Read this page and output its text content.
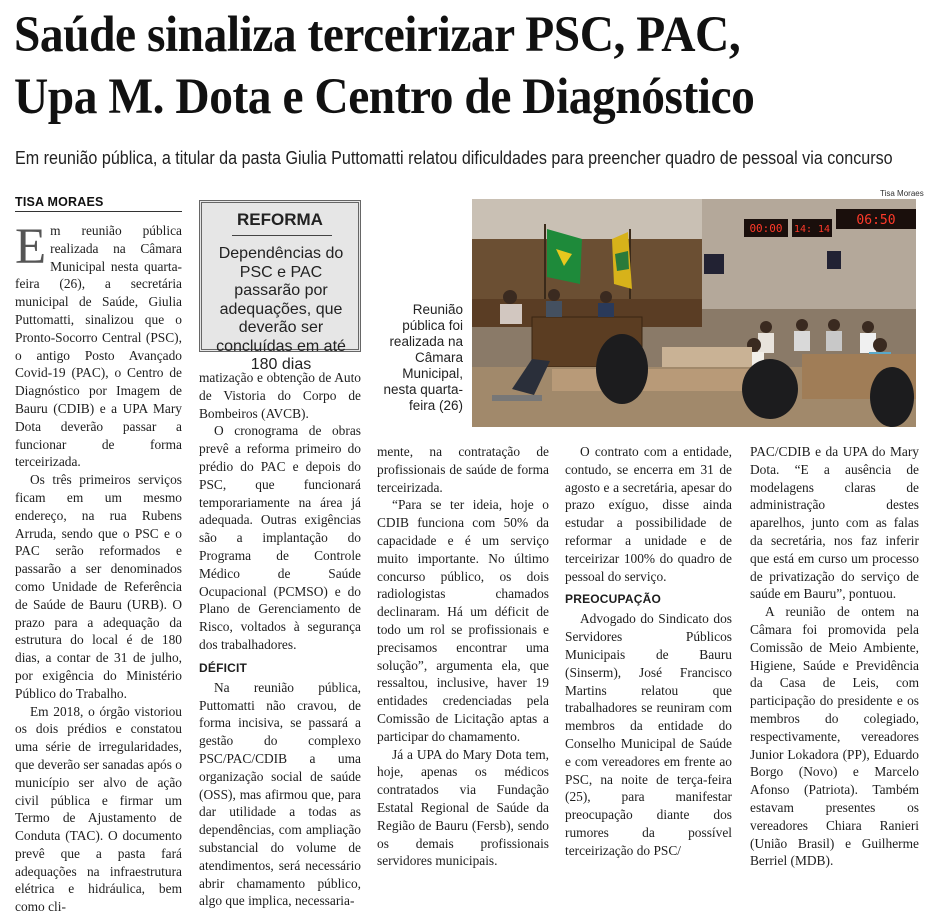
Saúde sinaliza terceirizar PSC, PAC,
Upa M. Dota e Centro de Diagnóstico

Em reunião pública, a titular da pasta Giulia Puttomatti relatou dificuldades para preencher quadro de pessoal via concurso

TISA MORAES

Em reunião pública realizada na Câmara Municipal nesta quarta-feira (26), a secretária municipal de Saúde, Giulia Puttomatti, sinalizou que o Pronto-Socorro Central (PSC), o antigo Posto Avançado Covid-19 (PAC), o Centro de Diagnóstico por Imagem de Bauru (CDIB) e a UPA Mary Dota deverão passar a funcionar de forma terceirizada.

Os três primeiros serviços ficam em um mesmo endereço, na rua Rubens Arruda, sendo que o PSC e o PAC serão reformados e passarão a ser denominados como Unidade de Referência de Saúde de Bauru (URB). O prazo para a adequação da estrutura do local é de 180 dias, a contar de 31 de julho, por exigência do Ministério Público do Trabalho.

Em 2018, o órgão vistoriou os dois prédios e constatou uma série de irregularidades, que deverão ser sanadas após o município ser alvo de ação civil pública e firmar um Termo de Ajustamento de Conduta (TAC). O documento prevê que a pasta fará adequações na infraestrutura elétrica e hidráulica, bem como cli-

REFORMA
Dependências do PSC e PAC passarão por adequações, que deverão ser concluídas em até 180 dias

matização e obtenção de Auto de Vistoria do Corpo de Bombeiros (AVCB).

O cronograma de obras prevê a reforma primeiro do prédio do PAC e depois do PSC, que funcionará temporariamente na área já adequada. Outras exigências são a implantação do Programa de Controle Médico de Saúde Ocupacional (PCMSO) e do Plano de Gerenciamento de Risco, voltados à segurança dos trabalhadores.

DÉFICIT

Na reunião pública, Puttomatti não cravou, de forma incisiva, se passará a gestão do complexo PSC/PAC/CDIB a uma organização social de saúde (OSS), mas afirmou que, para dar utilidade a todas as dependências, com ampliação substancial do volume de atendimentos, será necessário abrir chamamento público, algo que implica, necessaria-

Tisa Moraes
00:00 14: 14
06:50
Reunião pública foi realizada na Câmara Municipal, nesta quarta-feira (26)

mente, na contratação de profissionais de saúde de forma terceirizada.

“Para se ter ideia, hoje o CDIB funciona com 50% da capacidade e é um serviço muito importante. No último concurso público, os dois radiologistas chamados declinaram. Há um déficit de todo um rol se profissionais e precisamos encontrar uma solução”, argumenta ela, que ressaltou, inclusive, haver 19 entidades credenciadas pela Comissão de Licitação aptas a participar do chamamento.

Já a UPA do Mary Dota tem, hoje, apenas os médicos contratados via Fundação Estatal Regional de Saúde da Região de Bauru (Fersb), sendo os demais profissionais servidores municipais.

O contrato com a entidade, contudo, se encerra em 31 de agosto e a secretária, apesar do prazo exíguo, disse ainda estudar a possibilidade de reformar a unidade e de terceirizar 100% do quadro de pessoal do serviço.

PREOCUPAÇÃO

Advogado do Sindicato dos Servidores Públicos Municipais de Bauru (Sinserm), José Francisco Martins relatou que trabalhadores se reuniram com membros da entidade do Conselho Municipal de Saúde e com vereadores em frente ao PSC, na noite de terça-feira (25), para manifestar preocupação diante dos rumores da possível terceirização do PSC/

PAC/CDIB e da UPA do Mary Dota. “E a ausência de modelagens claras de administração destes aparelhos, junto com as falas da secretária, nos faz inferir que está em curso um processo de privatização do serviço de saúde em Bauru”, pontuou.

A reunião de ontem na Câmara foi promovida pela Comissão de Meio Ambiente, Higiene, Saúde e Previdência da Casa de Leis, com participação do presidente e os membros do colegiado, respectivamente, vereadores Junior Lokadora (PP), Eduardo Borgo (Novo) e Marcelo Afonso (Patriota). Também estavam presentes os vereadores Chiara Ranieri (União Brasil) e Guilherme Berriel (MDB).
